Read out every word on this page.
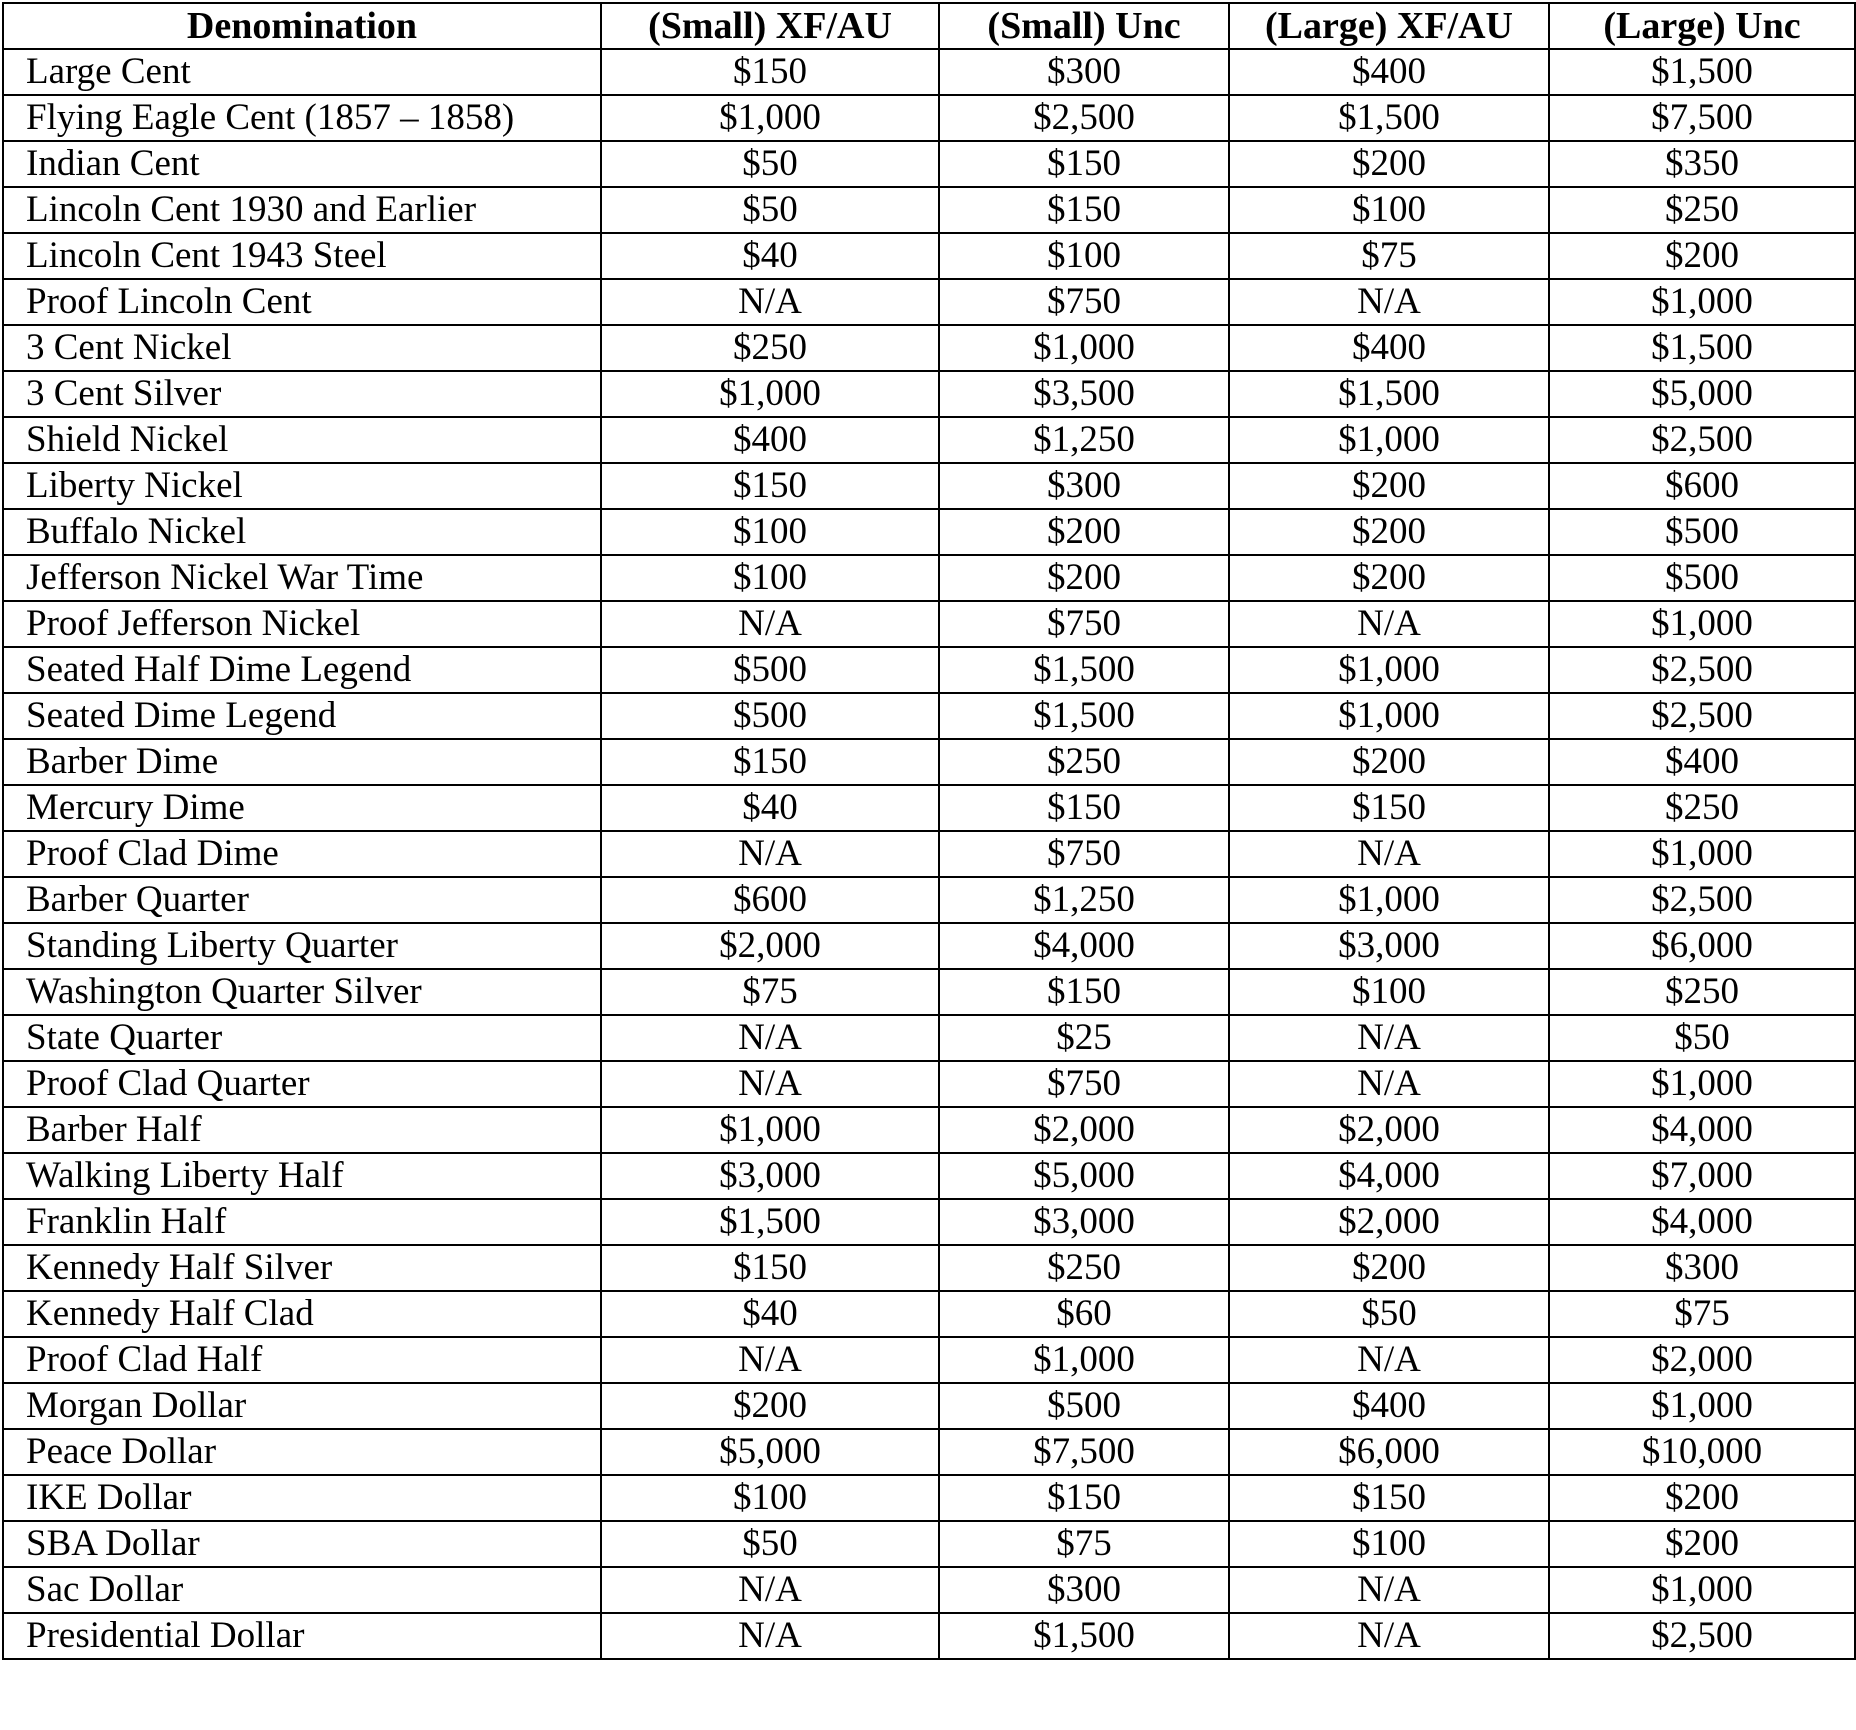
Denomination	(Small) XF/AU	(Small) Unc	(Large) XF/AU	(Large) Unc
Large Cent	$150	$300	$400	$1,500
Flying Eagle Cent (1857 – 1858)	$1,000	$2,500	$1,500	$7,500
Indian Cent	$50	$150	$200	$350
Lincoln Cent 1930 and Earlier	$50	$150	$100	$250
Lincoln Cent 1943 Steel	$40	$100	$75	$200
Proof Lincoln Cent	N/A	$750	N/A	$1,000
3 Cent Nickel	$250	$1,000	$400	$1,500
3 Cent Silver	$1,000	$3,500	$1,500	$5,000
Shield Nickel	$400	$1,250	$1,000	$2,500
Liberty Nickel	$150	$300	$200	$600
Buffalo Nickel	$100	$200	$200	$500
Jefferson Nickel War Time	$100	$200	$200	$500
Proof Jefferson Nickel	N/A	$750	N/A	$1,000
Seated Half Dime Legend	$500	$1,500	$1,000	$2,500
Seated Dime Legend	$500	$1,500	$1,000	$2,500
Barber Dime	$150	$250	$200	$400
Mercury Dime	$40	$150	$150	$250
Proof Clad Dime	N/A	$750	N/A	$1,000
Barber Quarter	$600	$1,250	$1,000	$2,500
Standing Liberty Quarter	$2,000	$4,000	$3,000	$6,000
Washington Quarter Silver	$75	$150	$100	$250
State Quarter	N/A	$25	N/A	$50
Proof Clad Quarter	N/A	$750	N/A	$1,000
Barber Half	$1,000	$2,000	$2,000	$4,000
Walking Liberty Half	$3,000	$5,000	$4,000	$7,000
Franklin Half	$1,500	$3,000	$2,000	$4,000
Kennedy Half Silver	$150	$250	$200	$300
Kennedy Half Clad	$40	$60	$50	$75
Proof Clad Half	N/A	$1,000	N/A	$2,000
Morgan Dollar	$200	$500	$400	$1,000
Peace Dollar	$5,000	$7,500	$6,000	$10,000
IKE Dollar	$100	$150	$150	$200
SBA Dollar	$50	$75	$100	$200
Sac Dollar	N/A	$300	N/A	$1,000
Presidential Dollar	N/A	$1,500	N/A	$2,500
